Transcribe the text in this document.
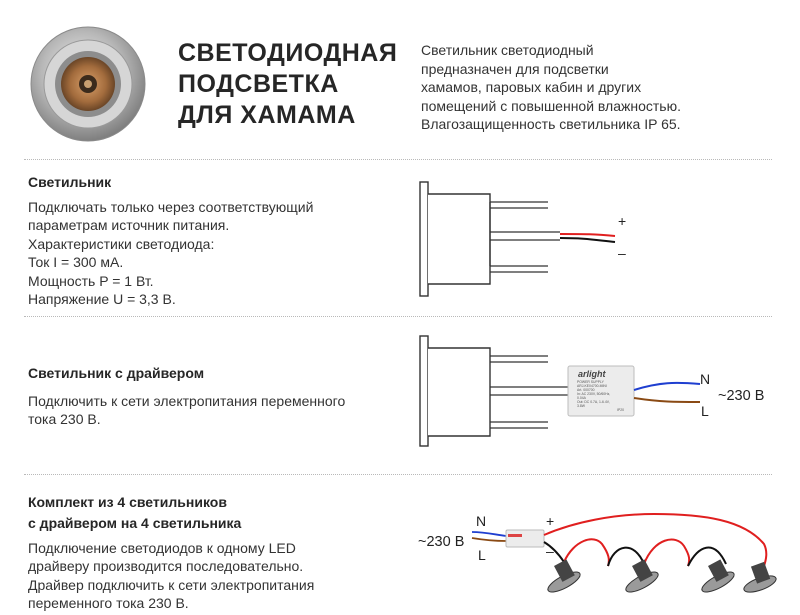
СВЕТОДИОДНАЯ
ПОДСВЕТКА
ДЛЯ ХАМАМА
Светильник светодиодный
предназначен для подсветки
хамамов, паровых кабин и других
помещений с повышенной влажностью.
Влагозащищенность светильника IP 65.
Светильник
Подключать только через соответствующий
параметрам источник питания.
Характеристики светодиода:
Ток I = 300 мА.
Мощность P = 1 Вт.
Напряжение U = 3,3 В.
+
–
Светильник с драйвером
Подключить к сети электропитания переменного
тока 230 В.
arlight
POWER SUPPLY
ARJ-KE04700-MINI
Art. 000700
In: AC 230V, 50/60Hz,
0.04A
Out: DC 0.7A, 1-6.4V,
3.8W
IP20
N
L
~230 В
Комплект из 4 светильников
с драйвером на 4 светильника
Подключение светодиодов к одному LED
драйверу производится последовательно.
Драйвер подключить к сети электропитания
переменного тока 230 В.
~230 В
N
L
+
–
